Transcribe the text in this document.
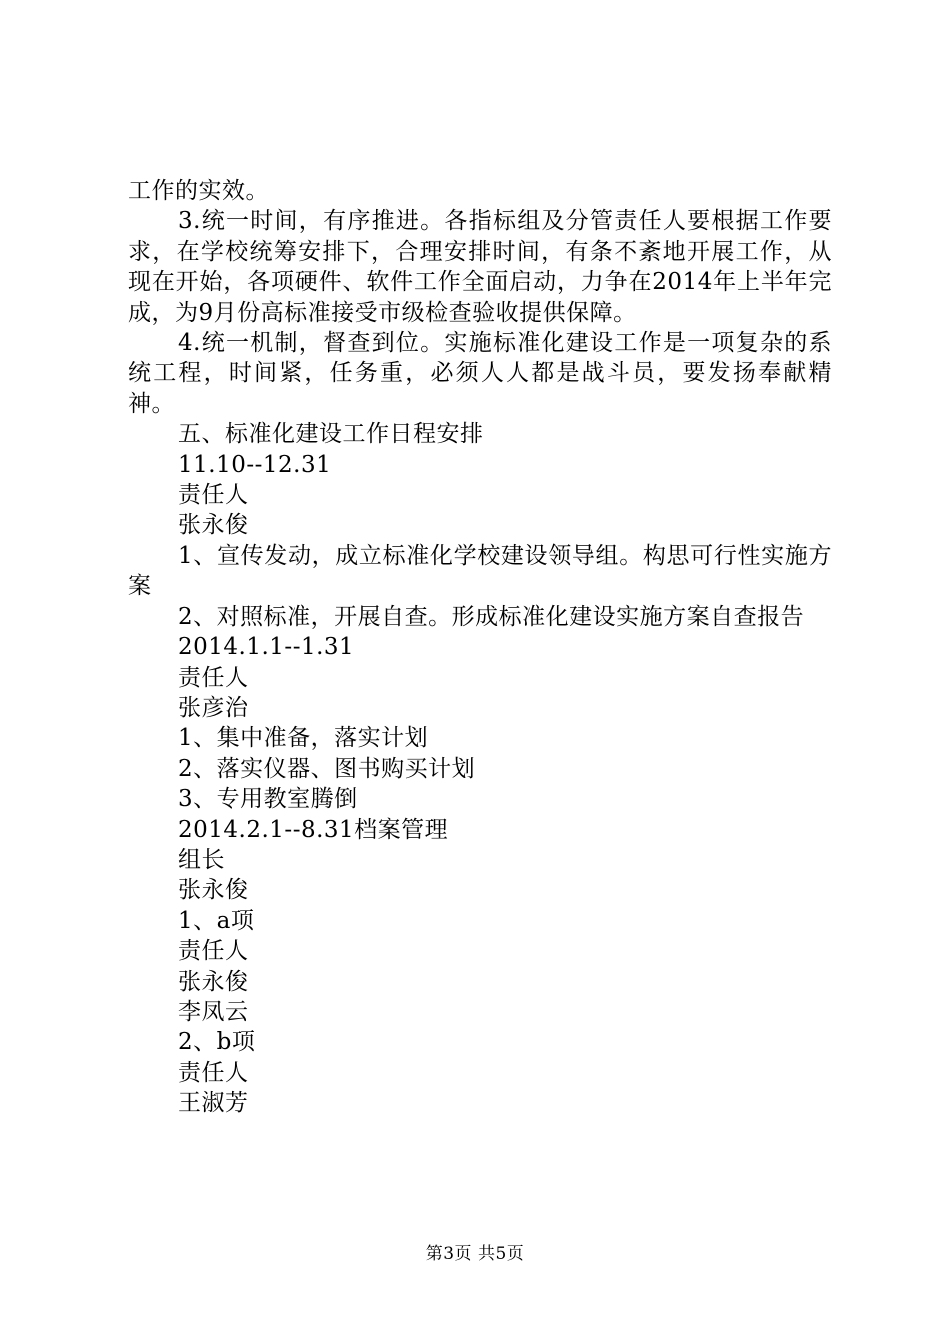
工作的实效。

3.统一时间，有序推进。各指标组及分管责任人要根据工作要求，在学校统筹安排下，合理安排时间，有条不紊地开展工作，从现在开始，各项硬件、软件工作全面启动，力争在2014年上半年完成，为9月份高标准接受市级检查验收提供保障。

4.统一机制，督查到位。实施标准化建设工作是一项复杂的系统工程，时间紧，任务重，必须人人都是战斗员，要发扬奉献精神。

五、标准化建设工作日程安排

11.10--12.31

责任人

张永俊

1、宣传发动，成立标准化学校建设领导组。构思可行性实施方案

2、对照标准，开展自查。形成标准化建设实施方案自查报告

2014.1.1--1.31

责任人

张彦治

1、集中准备，落实计划

2、落实仪器、图书购买计划

3、专用教室腾倒

2014.2.1--8.31档案管理

组长

张永俊

1、a项

责任人

张永俊

李凤云

2、b项

责任人

王淑芳

第3页 共5页
